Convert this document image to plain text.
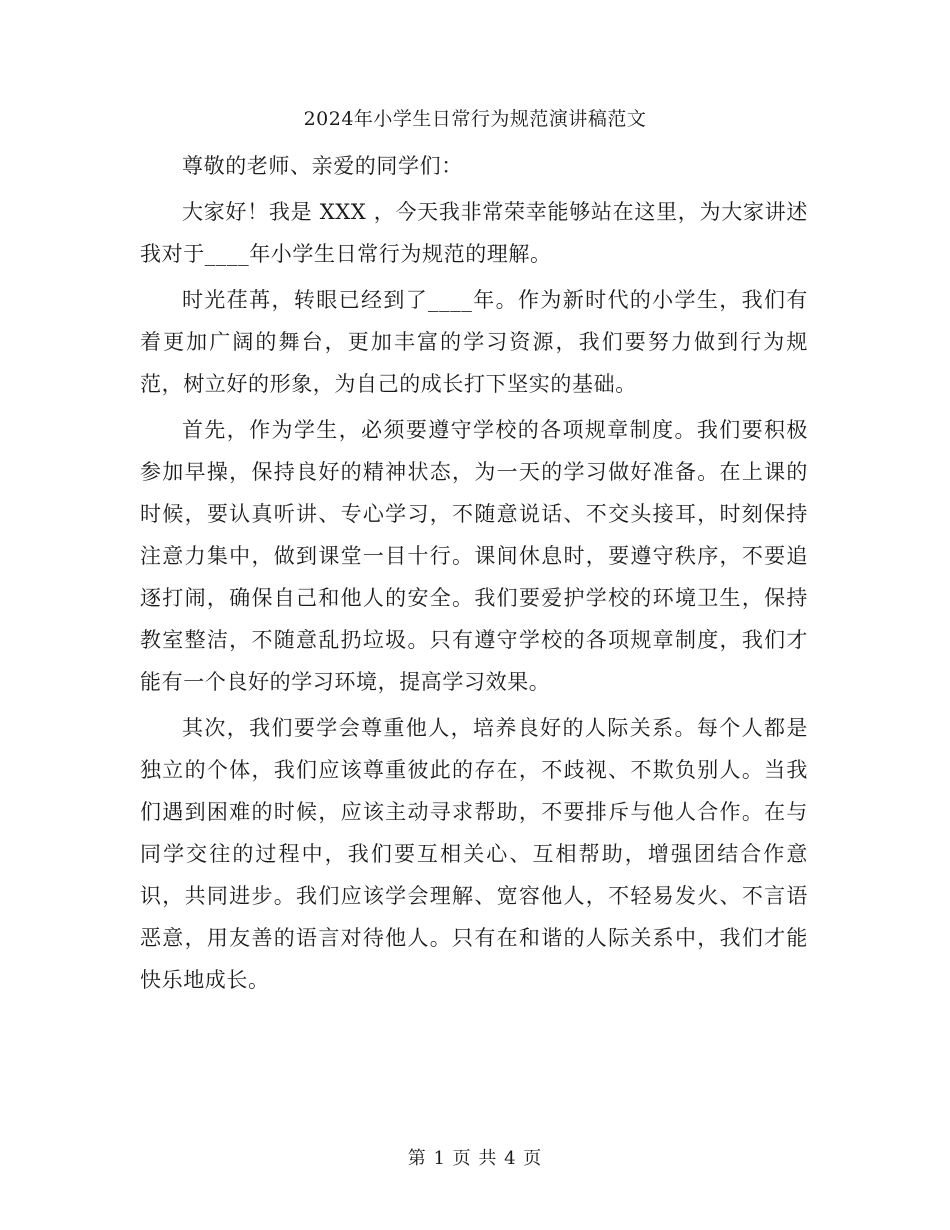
2024年小学生日常行为规范演讲稿范文

尊敬的老师、亲爱的同学们：

大家好！我是 XXX ，今天我非常荣幸能够站在这里，为大家讲述我对于____年小学生日常行为规范的理解。

时光荏苒，转眼已经到了____年。作为新时代的小学生，我们有着更加广阔的舞台，更加丰富的学习资源，我们要努力做到行为规范，树立好的形象，为自己的成长打下坚实的基础。

首先，作为学生，必须要遵守学校的各项规章制度。我们要积极参加早操，保持良好的精神状态，为一天的学习做好准备。在上课的时候，要认真听讲、专心学习，不随意说话、不交头接耳，时刻保持注意力集中，做到课堂一目十行。课间休息时，要遵守秩序，不要追逐打闹，确保自己和他人的安全。我们要爱护学校的环境卫生，保持教室整洁，不随意乱扔垃圾。只有遵守学校的各项规章制度，我们才能有一个良好的学习环境，提高学习效果。

其次，我们要学会尊重他人，培养良好的人际关系。每个人都是独立的个体，我们应该尊重彼此的存在，不歧视、不欺负别人。当我们遇到困难的时候，应该主动寻求帮助，不要排斥与他人合作。在与同学交往的过程中，我们要互相关心、互相帮助，增强团结合作意识，共同进步。我们应该学会理解、宽容他人，不轻易发火、不言语恶意，用友善的语言对待他人。只有在和谐的人际关系中，我们才能快乐地成长。

第 1 页 共 4 页
